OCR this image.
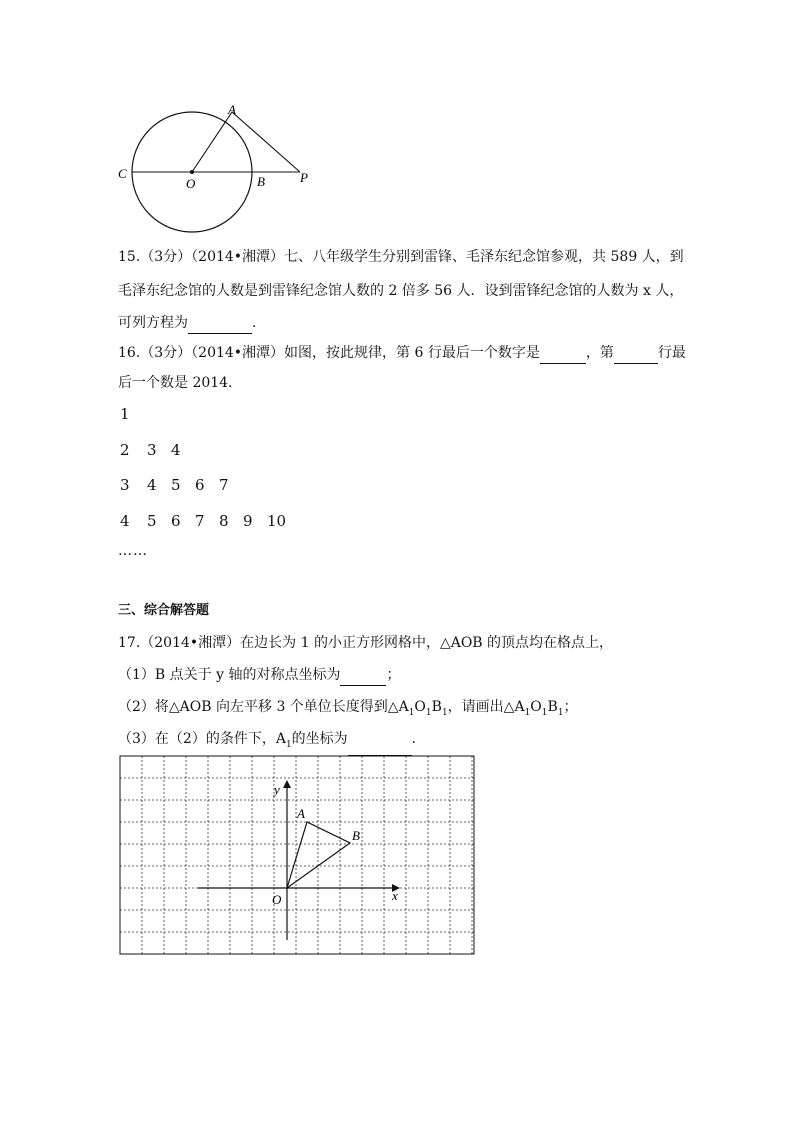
A
C
O	B	P
15.（3分）（2014•湘潭）七、八年级学生分别到雷锋、毛泽东纪念馆参观，共 589 人，到
毛泽东纪念馆的人数是到雷锋纪念馆人数的 2 倍多 56 人．设到雷锋纪念馆的人数为 x 人，
可列方程为	．
16.（3分）（2014•湘潭）如图，按此规律，第 6 行最后一个数字是	，第	行最
后一个数是 2014．
1
2 3 4
3 4 5 6 7
4 5 6 7 8 9 10
……
三、综合解答题
17.（2014•湘潭）在边长为 1 的小正方形网格中，△AOB 的顶点均在格点上，
（1）B 点关于 y 轴的对称点坐标为	；
（2）将△AOB 向左平移 3 个单位长度得到$\triangle A_1O_1B_1$，请画出$\triangle A_1O_1B_1$；
（3）在（2）的条件下，$A_1$的坐标为	．
A
B
O	x
y
